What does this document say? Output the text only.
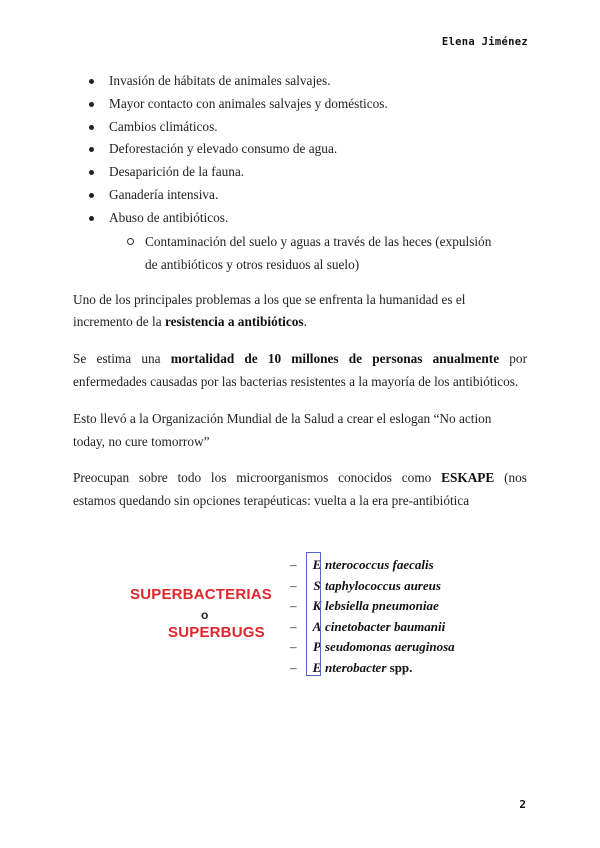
Elena Jiménez
Invasión de hábitats de animales salvajes.
Mayor contacto con animales salvajes y domésticos.
Cambios climáticos.
Deforestación y elevado consumo de agua.
Desaparición de la fauna.
Ganadería intensiva.
Abuso de antibióticos.
Contaminación del suelo y aguas a través de las heces (expulsión
de antibióticos y otros residuos al suelo)

Uno de los principales problemas a los que se enfrenta la humanidad es el
incremento de la resistencia a antibióticos.

Se estima una mortalidad de 10 millones de personas anualmente por enfermedades causadas por las bacterias resistentes a la mayoría de los antibióticos.

Esto llevó a la Organización Mundial de la Salud a crear el eslogan “No action
today, no cure tomorrow”

Preocupan sobre todo los microorganismos conocidos como ESKAPE (nos
estamos quedando sin opciones terapéuticas: vuelta a la era pre-antibiótica

SUPERBACTERIAS
o
SUPERBUGS
– E nterococcus faecalis
– S taphylococcus aureus
– K lebsiella pneumoniae
– A cinetobacter baumanii
– P seudomonas aeruginosa
– E nterobacter spp.
2
